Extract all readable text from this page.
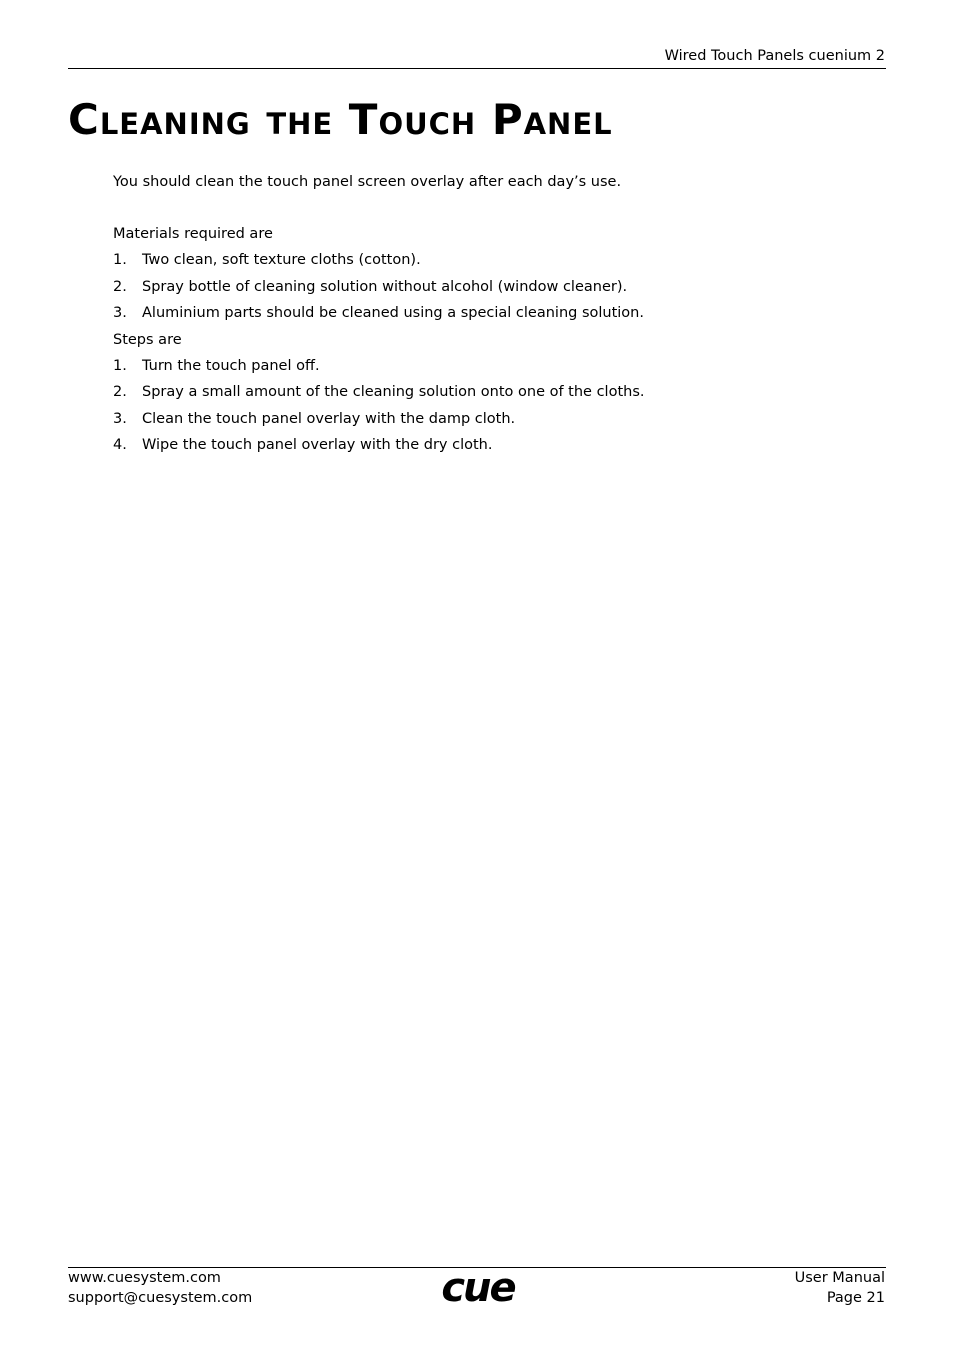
Wired Touch Panels cuenium 2
Cleaning the Touch Panel

You should clean the touch panel screen overlay after each day’s use.

Materials required are

1.	Two clean, soft texture cloths (cotton).
2.	Spray bottle of cleaning solution without alcohol (window cleaner).
3.	Aluminium parts should be cleaned using a special cleaning solution.

Steps are

1.	Turn the touch panel off.
2.	Spray a small amount of the cleaning solution onto one of the cloths.
3.	Clean the touch panel overlay with the damp cloth.
4.	Wipe the touch panel overlay with the dry cloth.
www.cuesystem.com
support@cuesystem.com	cue	User Manual
Page 21
